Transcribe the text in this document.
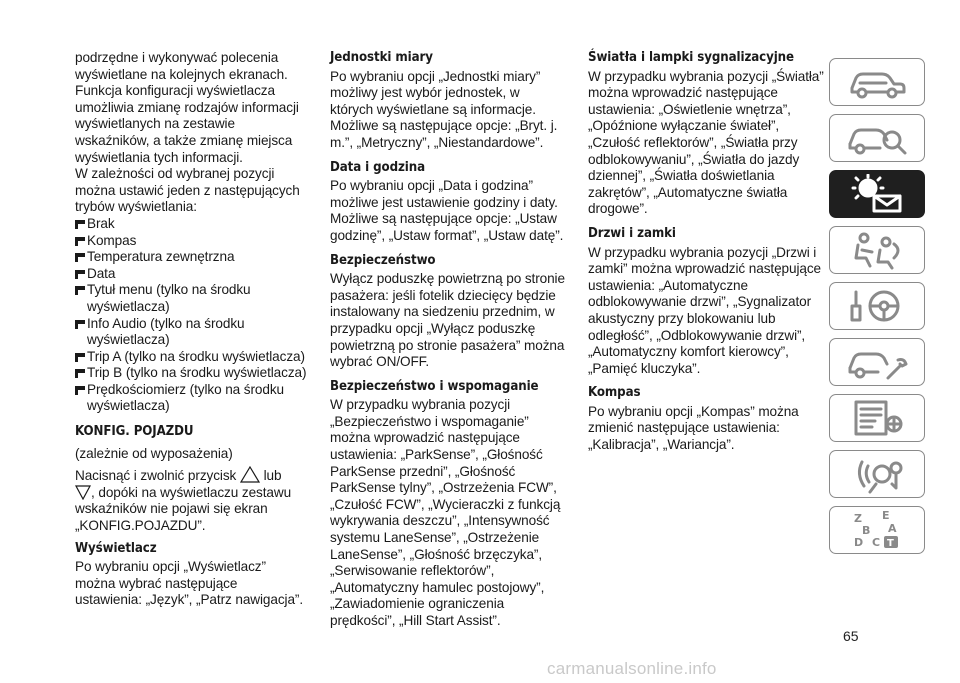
podrzędne i wykonywać polecenia wyświetlane na kolejnych ekranach. Funkcja konfiguracji wyświetlacza umożliwia zmianę rodzajów informacji wyświetlanych na zestawie wskaźników, a także zmianę miejsca wyświetlania tych informacji.

W zależności od wybranej pozycji można ustawić jeden z następujących trybów wyświetlania:

Brak
Kompas
Temperatura zewnętrzna
Data
Tytuł menu (tylko na środku wyświetlacza)
Info Audio (tylko na środku wyświetlacza)
Trip A (tylko na środku wyświetlacza)
Trip B (tylko na środku wyświetlacza)
Prędkościomierz (tylko na środku wyświetlacza)

KONFIG. POJAZDU

(zależnie od wyposażenia)

Nacisnąć i zwolnić przycisk lub
, dopóki na wyświetlaczu zestawu wskaźników nie pojawi się ekran „KONFIG.POJAZDU”.

Wyświetlacz

Po wybraniu opcji „Wyświetlacz” można wybrać następujące ustawienia: „Język”, „Patrz nawigacja”.

Jednostki miary

Po wybraniu opcji „Jednostki miary” możliwy jest wybór jednostek, w których wyświetlane są informacje. Możliwe są następujące opcje: „Bryt. j. m.”, „Metryczny”, „Niestandardowe”.

Data i godzina

Po wybraniu opcji „Data i godzina” możliwe jest ustawienie godziny i daty. Możliwe są następujące opcje: „Ustaw godzinę”, „Ustaw format”, „Ustaw datę”.

Bezpieczeństwo

Wyłącz poduszkę powietrzną po stronie pasażera: jeśli fotelik dziecięcy będzie instalowany na siedzeniu przednim, w przypadku opcji „Wyłącz poduszkę powietrzną po stronie pasażera” można wybrać ON/OFF.

Bezpieczeństwo i wspomaganie

W przypadku wybrania pozycji „Bezpieczeństwo i wspomaganie” można wprowadzić następujące ustawienia: „ParkSense”, „Głośność ParkSense przedni”, „Głośność ParkSense tylny”, „Ostrzeżenia FCW”, „Czułość FCW”, „Wycieraczki z funkcją wykrywania deszczu”, „Intensywność systemu LaneSense”, „Ostrzeżenie LaneSense”, „Głośność brzęczyka”, „Serwisowanie reflektorów”, „Automatyczny hamulec postojowy”, „Zawiadomienie ograniczenia prędkości”, „Hill Start Assist”.

Światła i lampki sygnalizacyjne

W przypadku wybrania pozycji „Światła” można wprowadzić następujące ustawienia: „Oświetlenie wnętrza”, „Opóźnione wyłączanie świateł”, „Czułość reflektorów”, „Światła przy odblokowywaniu”, „Światła do jazdy dziennej”, „Światła doświetlania zakrętów”, „Automatyczne światła drogowe”.

Drzwi i zamki

W przypadku wybrania pozycji „Drzwi i zamki” można wprowadzić następujące ustawienia: „Automatyczne odblokowywanie drzwi”, „Sygnalizator akustyczny przy blokowaniu lub odległość”, „Odblokowywanie drzwi”, „Automatyczny komfort kierowcy”, „Pamięć kluczyka”.

Kompas

Po wybraniu opcji „Kompas” można zmienić następujące ustawienia: „Kalibracja”, „Wariancja”.

Z E
B A
D C T
65
carmanualsonline.info
